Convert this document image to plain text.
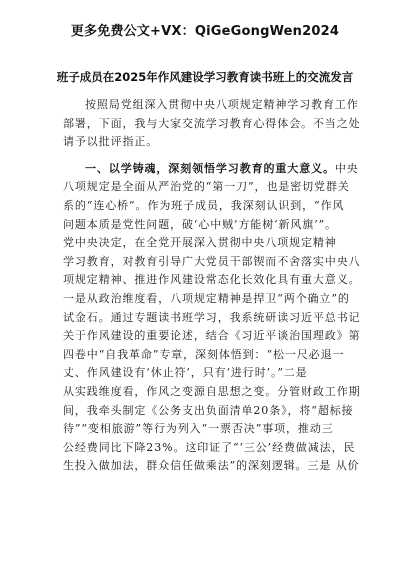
更多免费公文+VX：QiGeGongWen2024
班子成员在2025年作风建设学习教育读书班上的交流发言
按照局党组深入贯彻中央八项规定精神学习教育工作
部署，下面，我与大家交流学习教育心得体会。不当之处
请予以批评指正。
一、以学铸魂，深刻领悟学习教育的重大意义。中央
八项规定是全面从严治党的“第一刀”，也是密切党群关
系的“连心桥”。作为班子成员，我深刻认识到，“作风
问题本质是党性问题，破‘心中贼’方能树‘新风旗’”。
党中央决定，在全党开展深入贯彻中央八项规定精神
学习教育，对教育引导广大党员干部锲而不舍落实中央八
项规定精神、推进作风建设常态化长效化具有重大意义。
一是从政治维度看，八项规定精神是捍卫“两个确立”的
试金石。通过专题读书班学习，我系统研读习近平总书记
关于作风建设的重要论述，结合《习近平谈治国理政》第
四卷中“自我革命”专章，深刻体悟到：“松一尺必退一
丈、作风建设有‘休止符’，只有‘进行时’。”二是
从实践维度看，作风之变源自思想之变。分管财政工作期
间，我牵头制定《公务支出负面清单20条》，将“超标接
待”“变相旅游”等行为列入“一票否决”事项，推动三
公经费同比下降23%。这印证了“‘三公’经费做减法，民
生投入做加法，群众信任做乘法”的深刻逻辑。三是 从价
